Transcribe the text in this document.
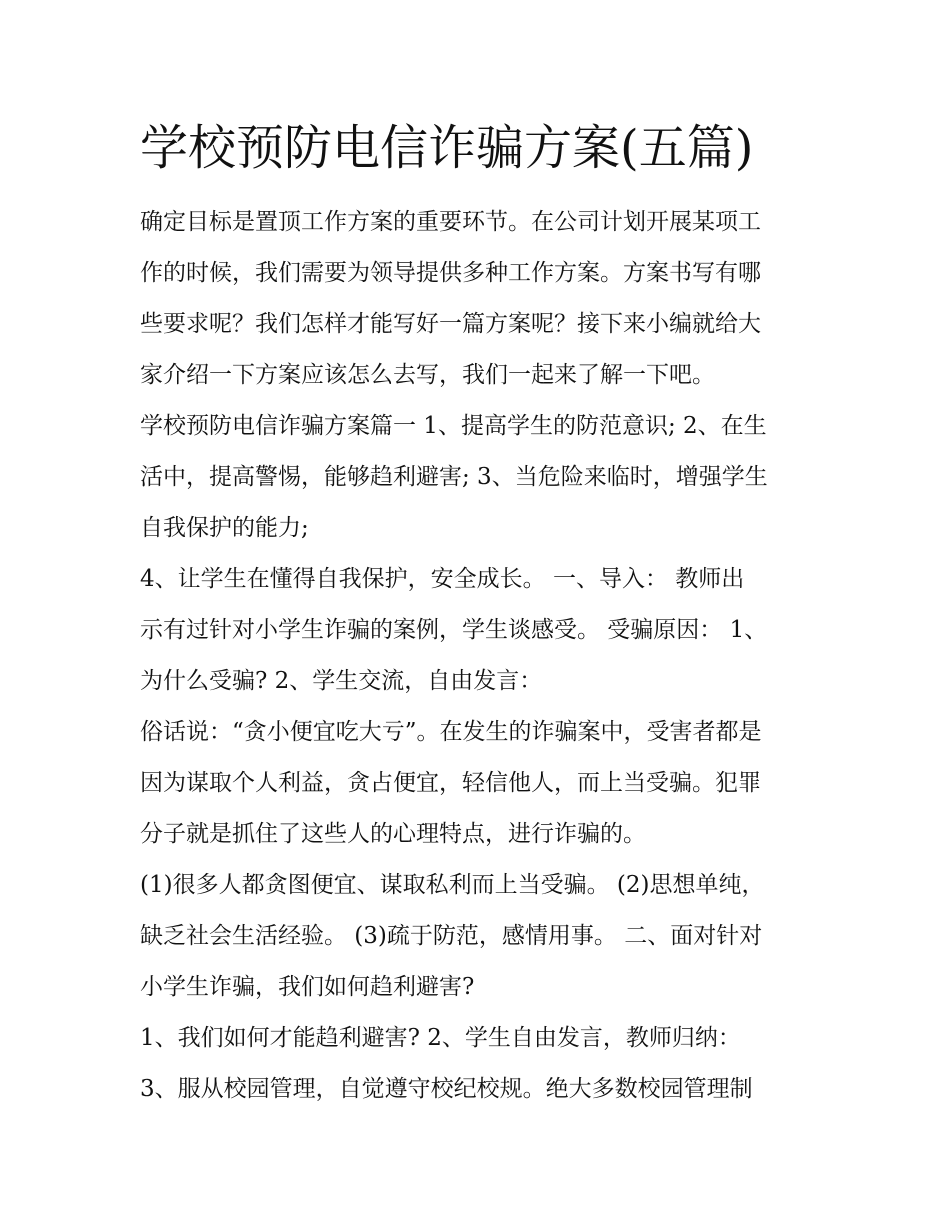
学校预防电信诈骗方案(五篇)

确定目标是置顶工作方案的重要环节。在公司计划开展某项工
作的时候，我们需要为领导提供多种工作方案。方案书写有哪
些要求呢？我们怎样才能写好一篇方案呢？接下来小编就给大
家介绍一下方案应该怎么去写，我们一起来了解一下吧。

学校预防电信诈骗方案篇一 1、提高学生的防范意识; 2、在生
活中，提高警惕，能够趋利避害; 3、当危险来临时，增强学生
自我保护的能力;

4、让学生在懂得自我保护，安全成长。 一、导入： 教师出
示有过针对小学生诈骗的案例，学生谈感受。 受骗原因： 1、
为什么受骗? 2、学生交流，自由发言：

俗话说：“贪小便宜吃大亏”。在发生的诈骗案中，受害者都是
因为谋取个人利益，贪占便宜，轻信他人，而上当受骗。犯罪
分子就是抓住了这些人的心理特点，进行诈骗的。

(1)很多人都贪图便宜、谋取私利而上当受骗。 (2)思想单纯，
缺乏社会生活经验。 (3)疏于防范，感情用事。 二、面对针对
小学生诈骗，我们如何趋利避害?

1、我们如何才能趋利避害? 2、学生自由发言，教师归纳：

3、服从校园管理，自觉遵守校纪校规。绝大多数校园管理制
